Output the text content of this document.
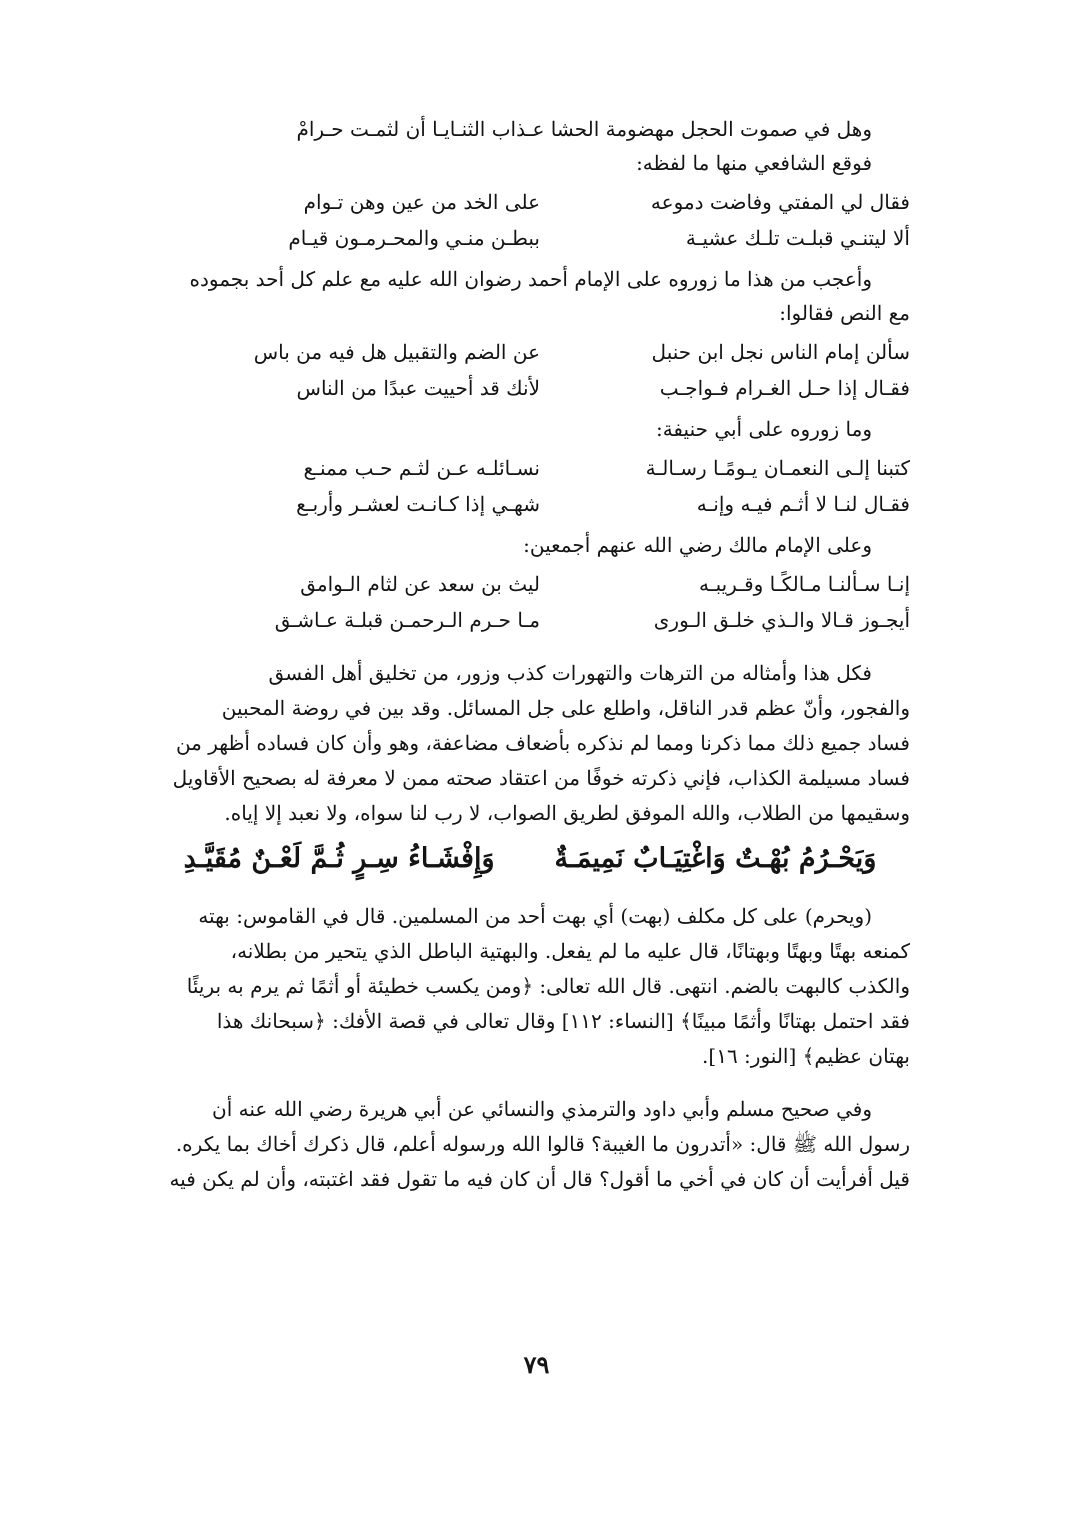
وهل في صموت الحجل مهضومة الحشا عـذاب الثنـايـا أن لثمـت حـرامْ

فوقع الشافعي منها ما لفظه:

فقال لي المفتي وفاضت دموعه
على الخد من عين وهن تـوام
ألا ليتنـي قبلـت تلـك عشيـة
ببطـن منـي والمحـرمـون قيـام

وأعجب من هذا ما زوروه على الإمام أحمد رضوان الله عليه مع علم كل أحد بجموده

مع النص فقالوا:

سألن إمام الناس نجل ابن حنبل
عن الضم والتقبيل هل فيه من باس
فقـال إذا حـل الغـرام فـواجـب
لأنك قد أحييت عبدًا من الناس

وما زوروه على أبي حنيفة:

كتبنا إلـى النعمـان يـومًـا رسـالـة
نسـائلـه عـن لثـم حـب ممنـع
فقـال لنـا لا أثـم فيـه وإنـه
شهـي إذا كـانـت لعشـر وأربـع

وعلى الإمام مالك رضي الله عنهم أجمعين:

إنـا سـألنـا مـالكًـا وقـريبـه
ليث بن سعد عن لثام الـوامق
أيجـوز قـالا والـذي خلـق الـورى
مـا حـرم الـرحمـن قبلـة عـاشـق

فكل هذا وأمثاله من الترهات والتهورات كذب وزور، من تخليق أهل الفسق

والفجور، وأنّ عظم قدر الناقل، واطلع على جل المسائل. وقد بين في روضة المحبين

فساد جميع ذلك مما ذكرنا ومما لم نذكره بأضعاف مضاعفة، وهو وأن كان فساده أظهر من

فساد مسيلمة الكذاب، فإني ذكرته خوفًا من اعتقاد صحته ممن لا معرفة له بصحيح الأقاويل

وسقيمها من الطلاب، والله الموفق لطريق الصواب، لا رب لنا سواه، ولا نعبد إلا إياه.

وَيَحْـرُمُ بُهْـتٌ وَاغْتِيَـابٌ نَمِيمَـةٌ
وَإِفْشَـاءُ سِـرٍ ثُـمَّ لَعْـنٌ مُقَيَّـدِ

(ويحرم) على كل مكلف (بهت) أي بهت أحد من المسلمين. قال في القاموس: بهته

كمنعه بهتًا وبهتًا وبهتانًا، قال عليه ما لم يفعل. والبهتية الباطل الذي يتحير من بطلانه،

والكذب كالبهت بالضم. انتهى. قال الله تعالى: ﴿ومن يكسب خطيئة أو أثمًا ثم يرم به بريئًا

فقد احتمل بهتانًا وأثمًا مبينًا﴾ [النساء: ١١٢] وقال تعالى في قصة الأفك: ﴿سبحانك هذا

بهتان عظيم﴾ [النور: ١٦].

وفي صحيح مسلم وأبي داود والترمذي والنسائي عن أبي هريرة رضي الله عنه أن

رسول الله ﷺ قال: «أتدرون ما الغيبة؟ قالوا الله ورسوله أعلم، قال ذكرك أخاك بما يكره.

قيل أفرأيت أن كان في أخي ما أقول؟ قال أن كان فيه ما تقول فقد اغتبته، وأن لم يكن فيه

٧٩
